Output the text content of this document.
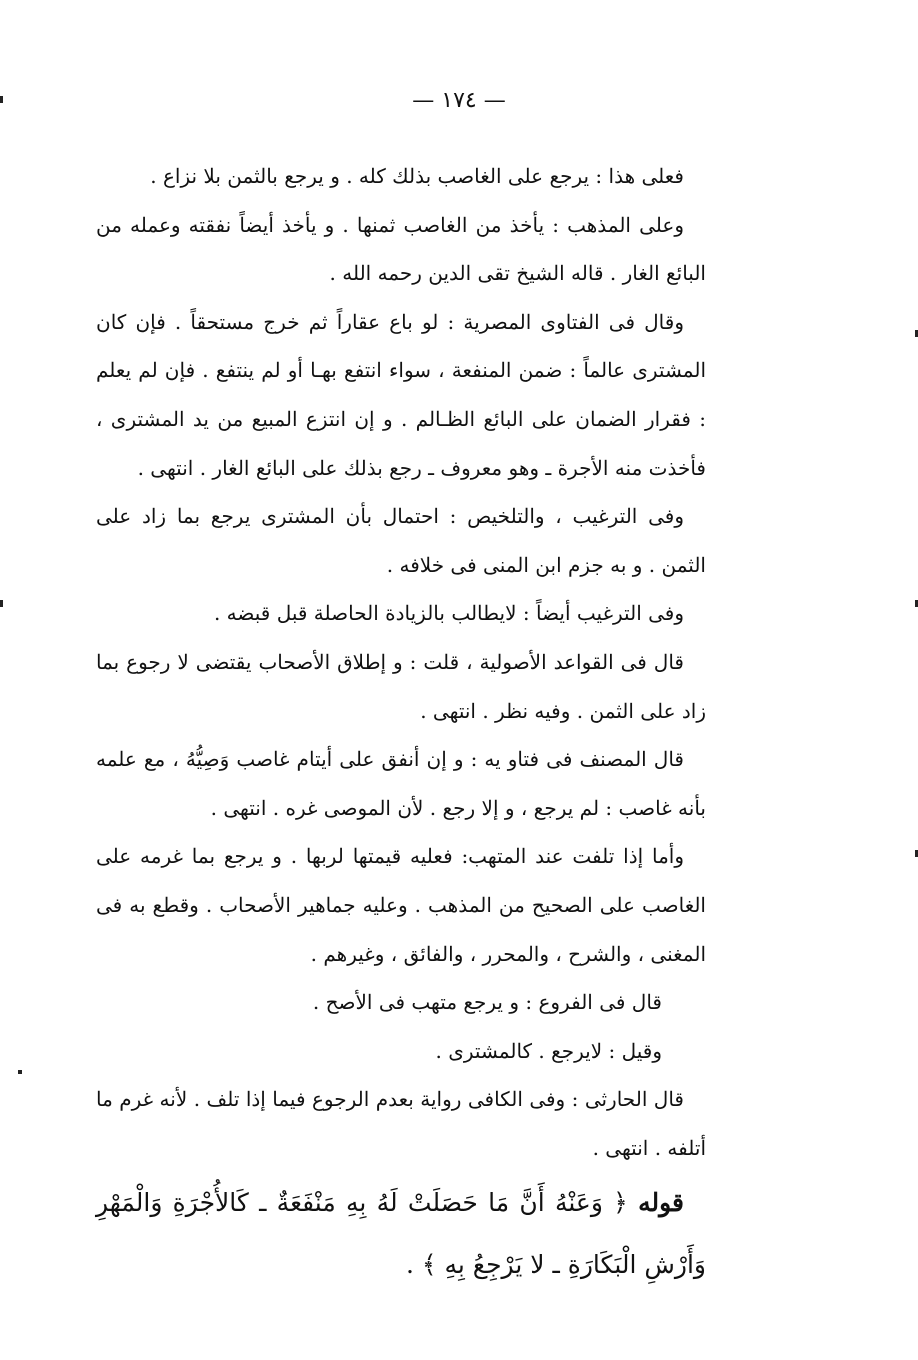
— ١٧٤ —

فعلى هذا : يرجع على الغاصب بذلك كله . و يرجع بالثمن بلا نزاع .

وعلى المذهب : يأخذ من الغاصب ثمنها . و يأخذ أيضاً نفقته وعمله من البائع الغار . قاله الشيخ تقى الدين رحمه الله .

وقال فى الفتاوى المصرية : لو باع عقاراً ثم خرج مستحقاً . فإن كان المشترى عالماً : ضمن المنفعة ، سواء انتفع بهـا أو لم ينتفع . فإن لم يعلم : فقرار الضمان على البائع الظـالم . و إن انتزع المبيع من يد المشترى ، فأخذت منه الأجرة ـ وهو معروف ـ رجع بذلك على البائع الغار . انتهى .

وفى الترغيب ، والتلخيص : احتمال بأن المشترى يرجع بما زاد على الثمن . و به جزم ابن المنى فى خلافه .

وفى الترغيب أيضاً : لايطالب بالزيادة الحاصلة قبل قبضه .

قال فى القواعد الأصولية ، قلت : و إطلاق الأصحاب يقتضى لا رجوع بما زاد على الثمن . وفيه نظر . انتهى .

قال المصنف فى فتاو يه : و إن أنفق على أيتام غاصب وَصِيُّهُ ، مع علمه بأنه غاصب : لم يرجع ، و إلا رجع . لأن الموصى غره . انتهى .

وأما إذا تلفت عند المتهب: فعليه قيمتها لربها . و يرجع بما غرمه على الغاصب على الصحيح من المذهب . وعليه جماهير الأصحاب . وقطع به فى المغنى ، والشرح ، والمحرر ، والفائق ، وغيرهم .

قال فى الفروع : و يرجع متهب فى الأصح .

وقيل : لايرجع . كالمشترى .

قال الحارثى : وفى الكافى رواية بعدم الرجوع فيما إذا تلف . لأنه غرم ما أتلفه . انتهى .

قوله ﴿ وَعَنْهُ أَنَّ مَا حَصَلَتْ لَهُ بِهِ مَنْفَعَةٌ ـ كَالأُجْرَةِ وَالْمَهْرِ وَأَرْشِ الْبَكَارَةِ ـ لا يَرْجِعُ بِهِ ﴾ .
